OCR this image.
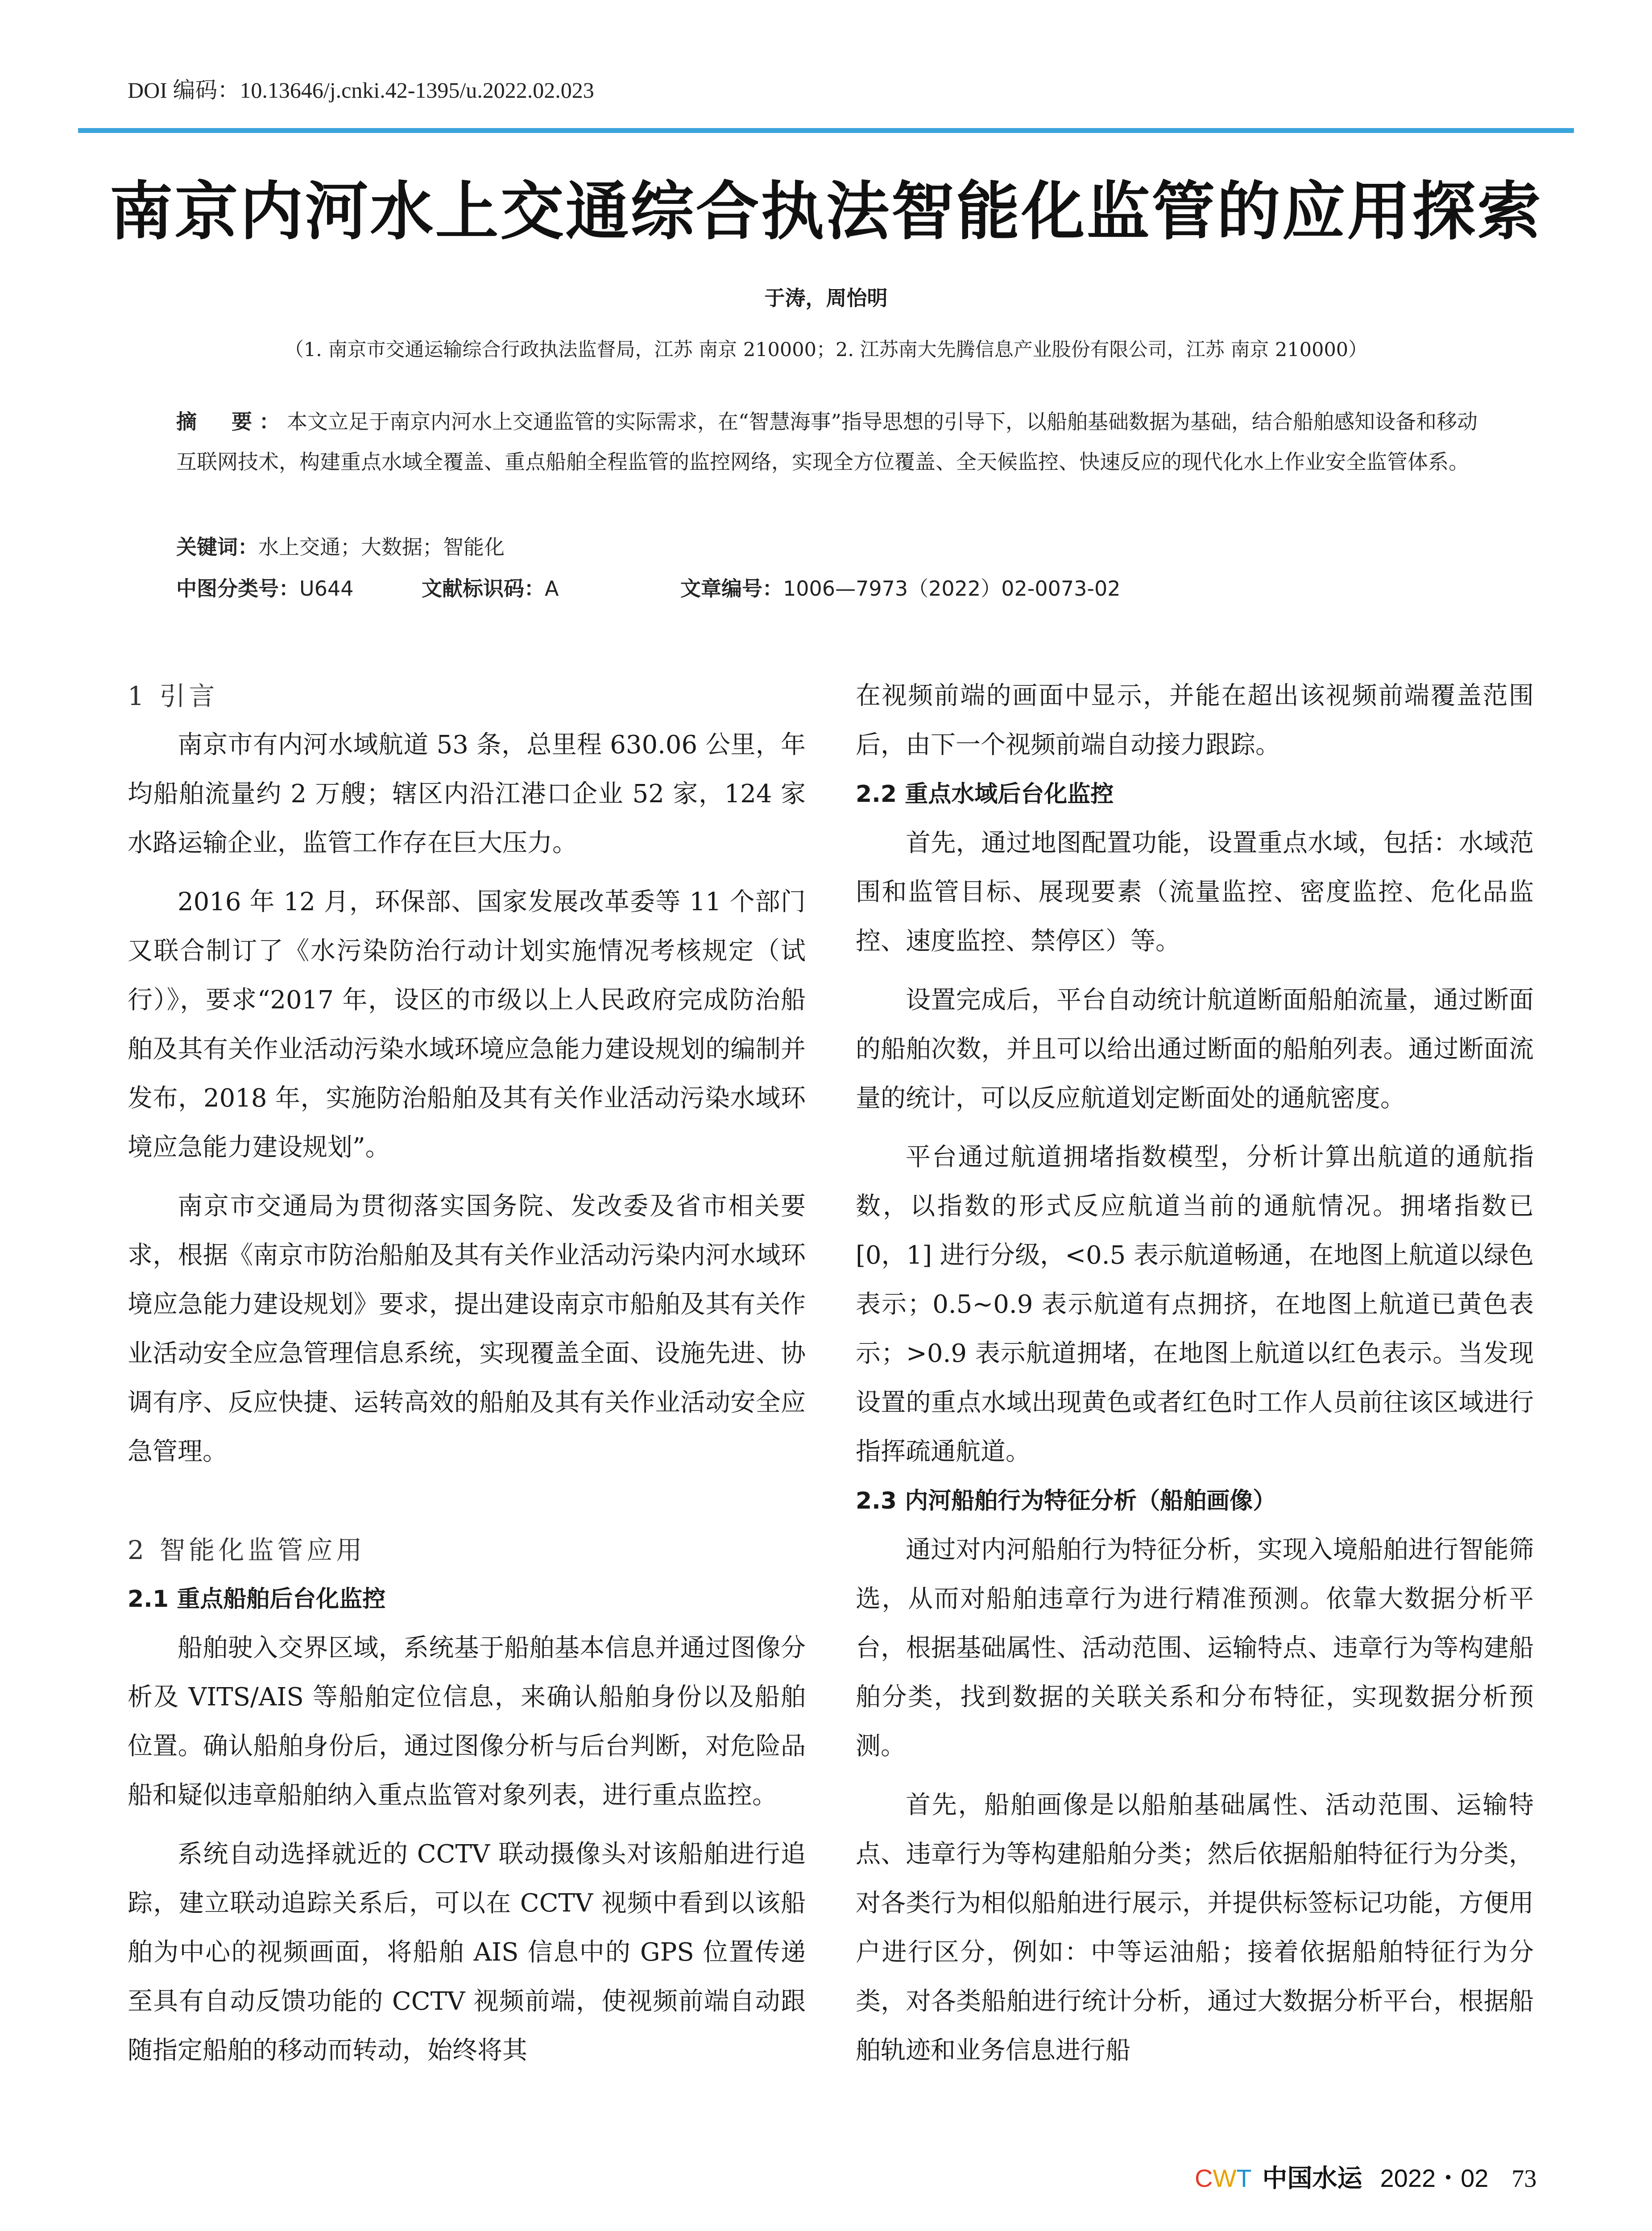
DOI 编码：10.13646/j.cnki.42-1395/u.2022.02.023
南京内河水上交通综合执法智能化监管的应用探索
于涛，周怡明
（1. 南京市交通运输综合行政执法监督局，江苏 南京 210000；2. 江苏南大先腾信息产业股份有限公司，江苏 南京 210000）
摘　要：本文立足于南京内河水上交通监管的实际需求，在“智慧海事”指导思想的引导下，以船舶基础数据为基础，结合船舶感知设备和移动互联网技术，构建重点水域全覆盖、重点船舶全程监管的监控网络，实现全方位覆盖、全天候监控、快速反应的现代化水上作业安全监管体系。
关键词：水上交通；大数据；智能化
中图分类号：U644	文献标识码：A	文章编号：1006—7973（2022）02-0073-02
1 引言

南京市有内河水域航道 53 条，总里程 630.06 公里，年均船舶流量约 2 万艘；辖区内沿江港口企业 52 家，124 家水路运输企业，监管工作存在巨大压力。

2016 年 12 月，环保部、国家发展改革委等 11 个部门又联合制订了《水污染防治行动计划实施情况考核规定（试行）》，要求“2017 年，设区的市级以上人民政府完成防治船舶及其有关作业活动污染水域环境应急能力建设规划的编制并发布，2018 年，实施防治船舶及其有关作业活动污染水域环境应急能力建设规划”。

南京市交通局为贯彻落实国务院、发改委及省市相关要求，根据《南京市防治船舶及其有关作业活动污染内河水域环境应急能力建设规划》要求，提出建设南京市船舶及其有关作业活动安全应急管理信息系统，实现覆盖全面、设施先进、协调有序、反应快捷、运转高效的船舶及其有关作业活动安全应急管理。

2 智能化监管应用
2.1 重点船舶后台化监控

船舶驶入交界区域，系统基于船舶基本信息并通过图像分析及 VITS/AIS 等船舶定位信息，来确认船舶身份以及船舶位置。确认船舶身份后，通过图像分析与后台判断，对危险品船和疑似违章船舶纳入重点监管对象列表，进行重点监控。

系统自动选择就近的 CCTV 联动摄像头对该船舶进行追踪，建立联动追踪关系后，可以在 CCTV 视频中看到以该船舶为中心的视频画面，将船舶 AIS 信息中的 GPS 位置传递至具有自动反馈功能的 CCTV 视频前端，使视频前端自动跟随指定船舶的移动而转动，始终将其

在视频前端的画面中显示，并能在超出该视频前端覆盖范围后，由下一个视频前端自动接力跟踪。

2.2 重点水域后台化监控

首先，通过地图配置功能，设置重点水域，包括：水域范围和监管目标、展现要素（流量监控、密度监控、危化品监控、速度监控、禁停区）等。

设置完成后，平台自动统计航道断面船舶流量，通过断面的船舶次数，并且可以给出通过断面的船舶列表。通过断面流量的统计，可以反应航道划定断面处的通航密度。

平台通过航道拥堵指数模型，分析计算出航道的通航指数，以指数的形式反应航道当前的通航情况。拥堵指数已 [0，1] 进行分级，<0.5 表示航道畅通，在地图上航道以绿色表示；0.5~0.9 表示航道有点拥挤，在地图上航道已黄色表示；>0.9 表示航道拥堵，在地图上航道以红色表示。当发现设置的重点水域出现黄色或者红色时工作人员前往该区域进行指挥疏通航道。

2.3 内河船舶行为特征分析（船舶画像）

通过对内河船舶行为特征分析，实现入境船舶进行智能筛选，从而对船舶违章行为进行精准预测。依靠大数据分析平台，根据基础属性、活动范围、运输特点、违章行为等构建船舶分类，找到数据的关联关系和分布特征，实现数据分析预测。

首先，船舶画像是以船舶基础属性、活动范围、运输特点、违章行为等构建船舶分类；然后依据船舶特征行为分类，对各类行为相似船舶进行展示，并提供标签标记功能，方便用户进行区分，例如：中等运油船；接着依据船舶特征行为分类，对各类船舶进行统计分析，通过大数据分析平台，根据船舶轨迹和业务信息进行船

CWT 中国水运 2022・02 73
